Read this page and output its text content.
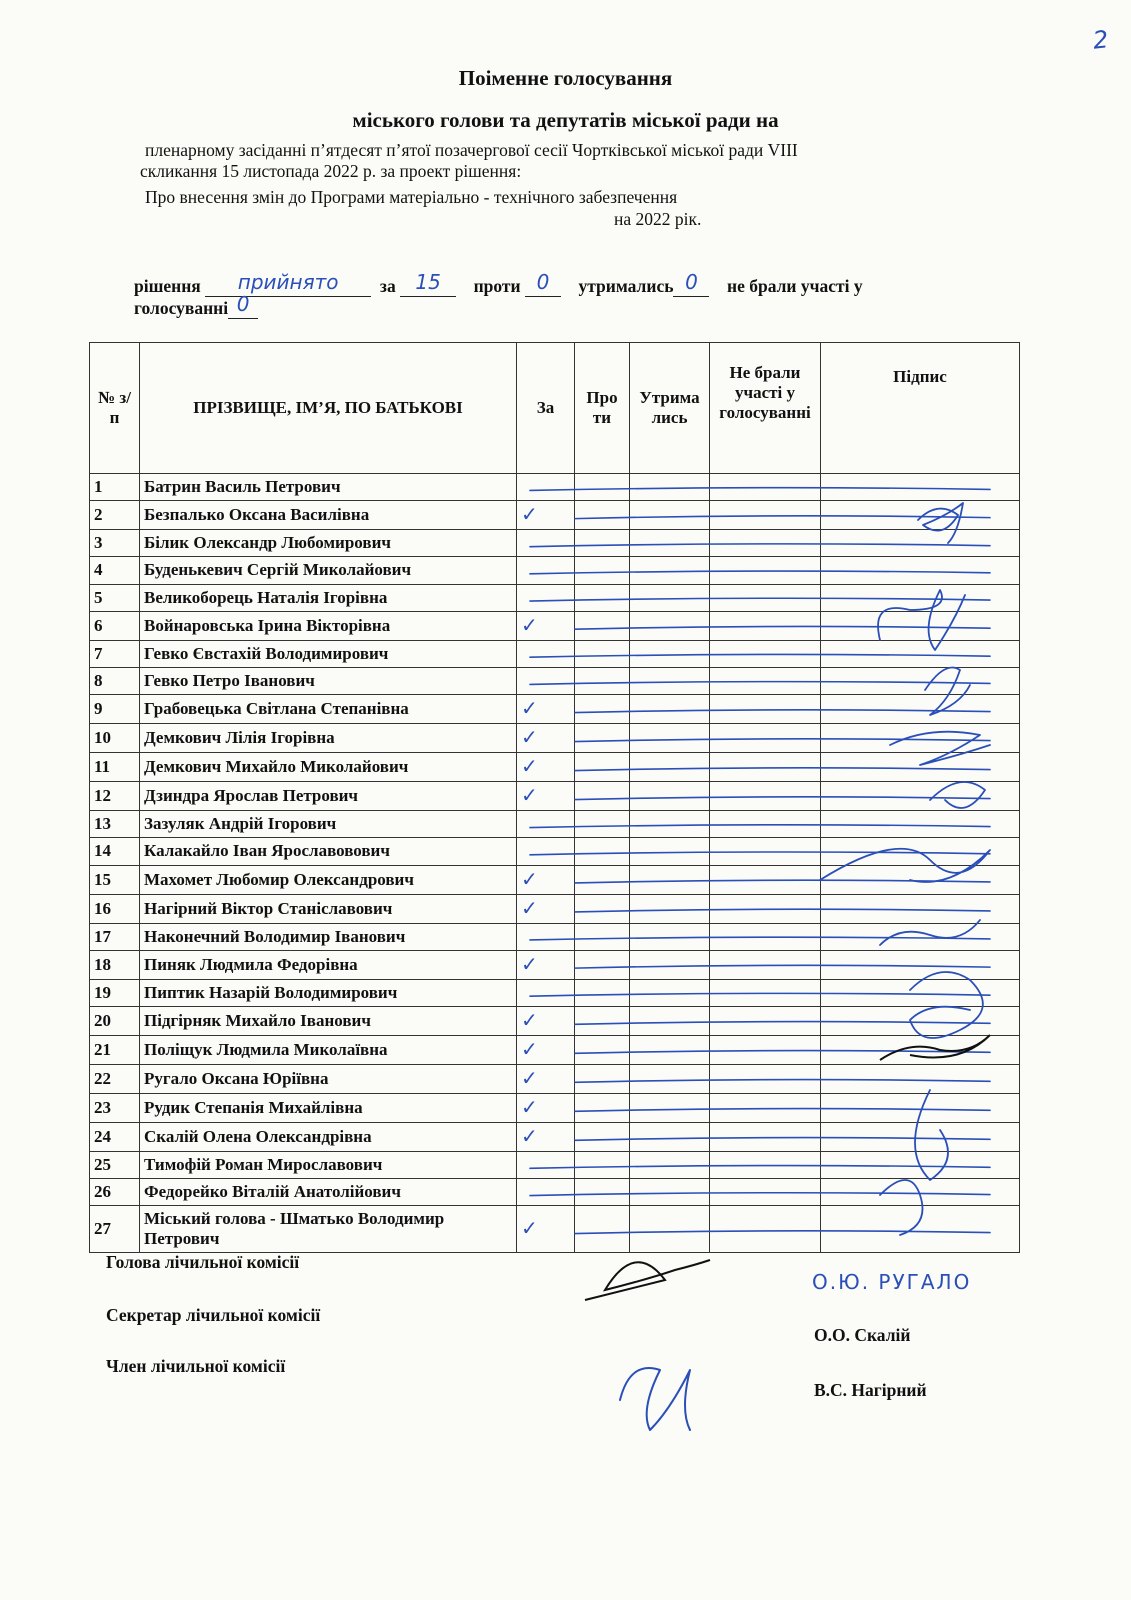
2
Поіменне голосування
міського голови та депутатів міської ради на
пленарному засіданні п’ятдесят п’ятої позачергової сесії Чортківської міської ради VIII
скликання 15 листопада 2022 р. за проект рішення:
Про внесення змін до Програми матеріально - технічного забезпечення
на 2022 рік.
рішення прийнято за 15 проти 0 утримались 0 не брали участі у
голосуванні 0
№ з/п	ПРІЗВИЩЕ, ІМ’Я, ПО БАТЬКОВІ	За	Про ти	Утрима лись	Не брали участі у голосуванні	Підпис
1	Батрин Василь Петрович					
2	Безпалько Оксана Василівна	✓				
3	Білик Олександр Любомирович					
4	Буденькевич Сергій Миколайович					
5	Великоборець Наталія Ігорівна					
6	Войнаровська Ірина Вікторівна	✓				
7	Гевко Євстахій Володимирович					
8	Гевко Петро Іванович					
9	Грабовецька Світлана Степанівна	✓				
10	Демкович Лілія Ігорівна	✓				
11	Демкович Михайло Миколайович	✓				
12	Дзиндра Ярослав Петрович	✓				
13	Зазуляк Андрій Ігорович					
14	Калакайло Іван Ярославовович					
15	Махомет Любомир Олександрович	✓				
16	Нагірний Віктор Станіславович	✓				
17	Наконечний Володимир Іванович					
18	Пиняк Людмила Федорівна	✓				
19	Пиптик Назарій Володимирович					
20	Підгірняк Михайло Іванович	✓				
21	Поліщук Людмила Миколаївна	✓				
22	Ругало Оксана Юріївна	✓				
23	Рудик Степанія Михайлівна	✓				
24	Скалій Олена Олександрівна	✓				
25	Тимофій Роман Мирославович					
26	Федорейко Віталій Анатолійович					
27	Міський голова - Шматько Володимир Петрович	✓				
Голова лічильної комісії
Секретар лічильної комісії
Член лічильної комісії
О.Ю. РУГАЛО
О.О. Скалій
В.С. Нагірний
